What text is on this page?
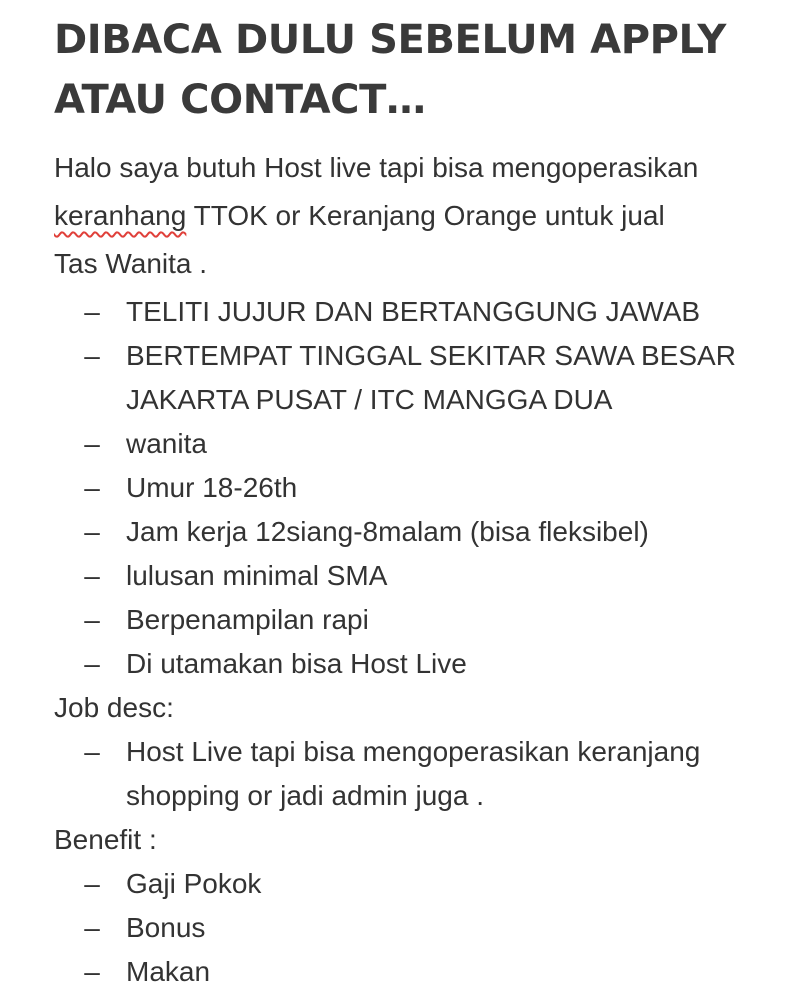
DIBACA DULU SEBELUM APPLY
ATAU CONTACT…

Halo saya butuh Host live tapi bisa mengoperasikan
keranhang TTOK or Keranjang Orange untuk jual
Tas Wanita .

– TELITI JUJUR DAN BERTANGGUNG JAWAB
– BERTEMPAT TINGGAL SEKITAR SAWA BESAR
JAKARTA PUSAT / ITC MANGGA DUA
– wanita
– Umur 18-26th
– Jam kerja 12siang-8malam (bisa fleksibel)
– lulusan minimal SMA
– Berpenampilan rapi
– Di utamakan bisa Host Live

Job desc:

– Host Live tapi bisa mengoperasikan keranjang
shopping or jadi admin juga .

Benefit :

– Gaji Pokok
– Bonus
– Makan
